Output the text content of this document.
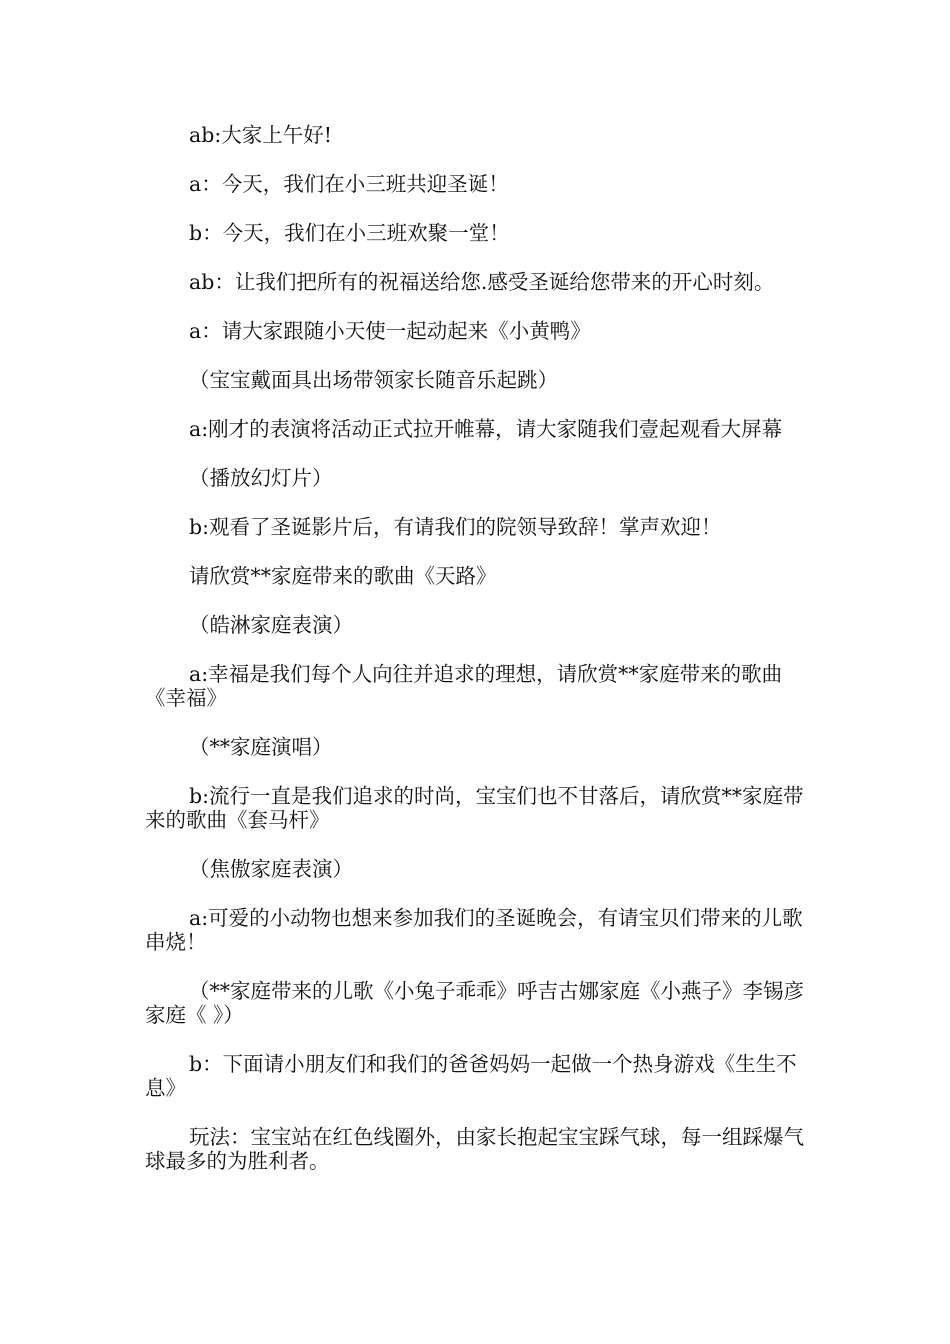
ab:大家上午好!

a：今天，我们在小三班共迎圣诞！

b：今天，我们在小三班欢聚一堂！

ab：让我们把所有的祝福送给您.感受圣诞给您带来的开心时刻。

a：请大家跟随小天使一起动起来《小黄鸭》

（宝宝戴面具出场带领家长随音乐起跳）

a:刚才的表演将活动正式拉开帷幕，请大家随我们壹起观看大屏幕

（播放幻灯片）

b:观看了圣诞影片后，有请我们的院领导致辞！掌声欢迎！

请欣赏**家庭带来的歌曲《天路》

（皓淋家庭表演）

a:幸福是我们每个人向往并追求的理想，请欣赏**家庭带来的歌曲《幸福》

（**家庭演唱）

b:流行一直是我们追求的时尚，宝宝们也不甘落后，请欣赏**家庭带来的歌曲《套马杆》

（焦傲家庭表演）

a:可爱的小动物也想来参加我们的圣诞晚会，有请宝贝们带来的儿歌串烧！

（**家庭带来的儿歌《小兔子乖乖》呼吉古娜家庭《小燕子》李锡彦家庭《 》）

b：下面请小朋友们和我们的爸爸妈妈一起做一个热身游戏《生生不息》

玩法：宝宝站在红色线圈外，由家长抱起宝宝踩气球，每一组踩爆气球最多的为胜利者。
